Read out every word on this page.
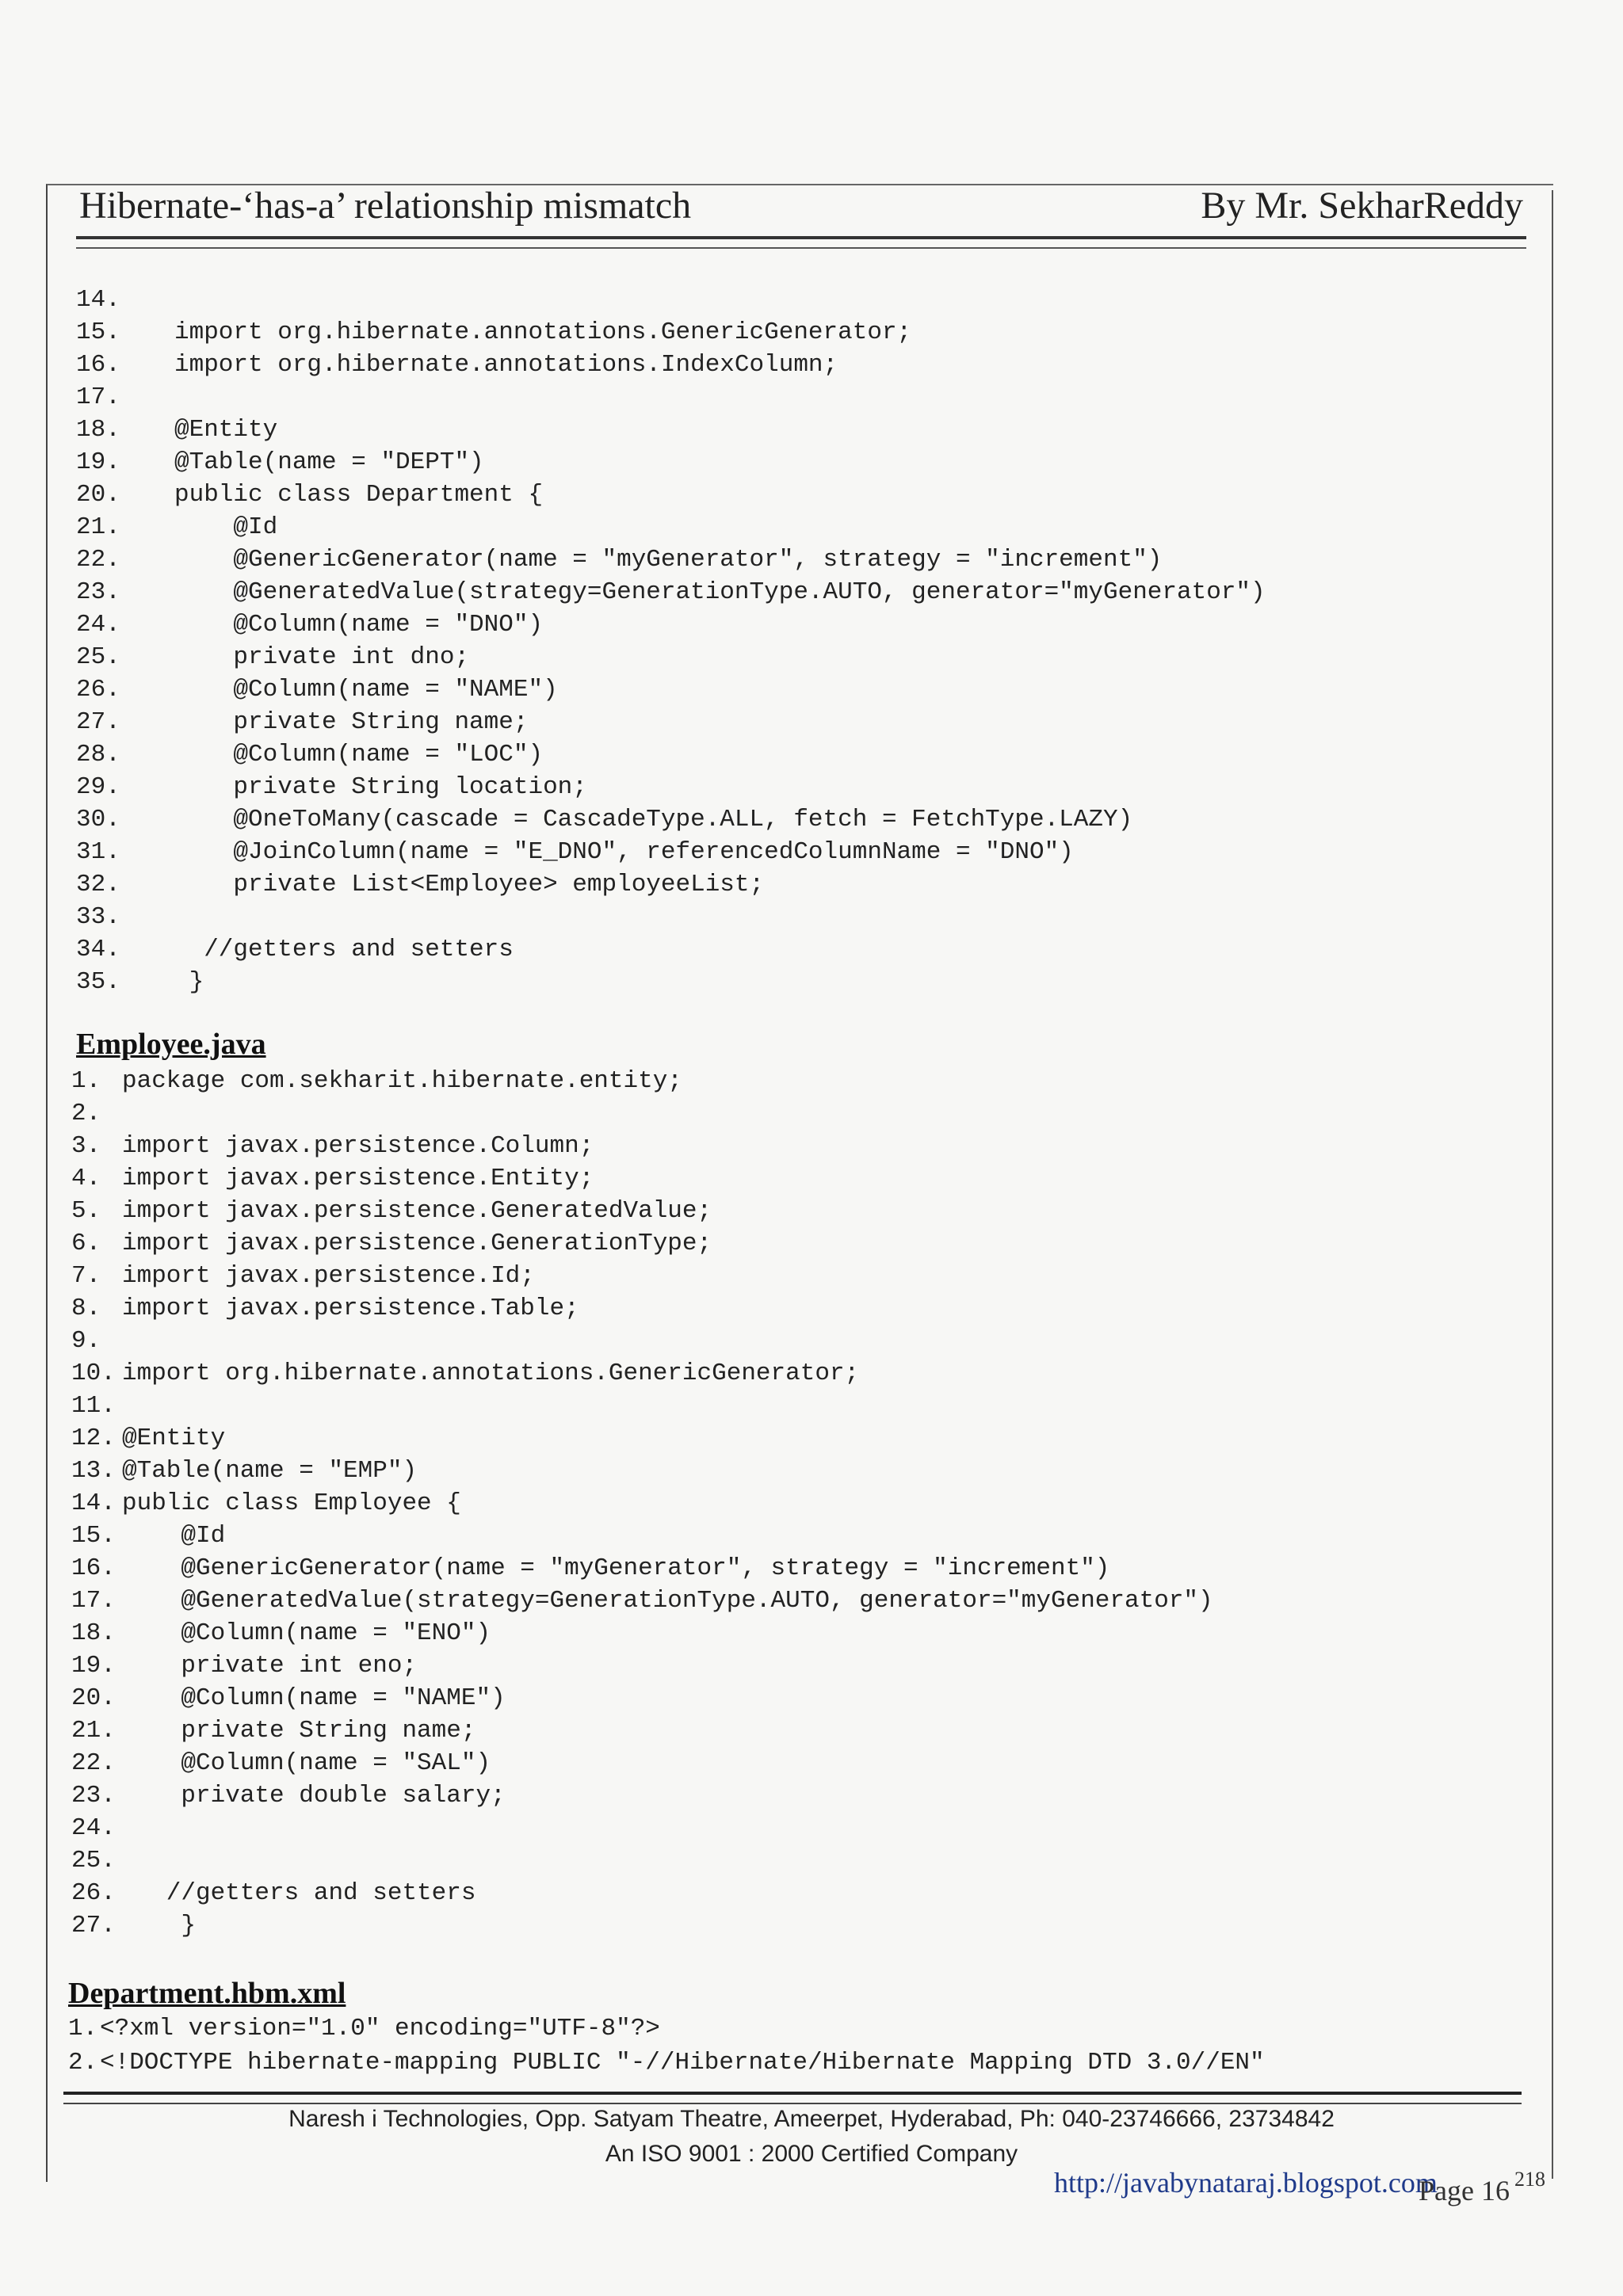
Hibernate-‘has-a’ relationship mismatch	By Mr. SekharReddy
14.
15. import org.hibernate.annotations.GenericGenerator;
16. import org.hibernate.annotations.IndexColumn;
17.
18. @Entity
19. @Table(name = "DEPT")
20. public class Department {
21.    @Id
22.    @GenericGenerator(name = "myGenerator", strategy = "increment")
23.    @GeneratedValue(strategy=GenerationType.AUTO, generator="myGenerator")
24.    @Column(name = "DNO")
25.    private int dno;
26.    @Column(name = "NAME")
27.    private String name;
28.    @Column(name = "LOC")
29.    private String location;
30.    @OneToMany(cascade = CascadeType.ALL, fetch = FetchType.LAZY)
31.    @JoinColumn(name = "E_DNO", referencedColumnName = "DNO")
32.    private List<Employee> employeeList;
33.
34.  //getters and setters
35. }
Employee.java
1. package com.sekharit.hibernate.entity;
2.
3. import javax.persistence.Column;
4. import javax.persistence.Entity;
5. import javax.persistence.GeneratedValue;
6. import javax.persistence.GenerationType;
7. import javax.persistence.Id;
8. import javax.persistence.Table;
9.
10. import org.hibernate.annotations.GenericGenerator;
11.
12. @Entity
13. @Table(name = "EMP")
14. public class Employee {
15.    @Id
16.    @GenericGenerator(name = "myGenerator", strategy = "increment")
17.    @GeneratedValue(strategy=GenerationType.AUTO, generator="myGenerator")
18.    @Column(name = "ENO")
19.    private int eno;
20.    @Column(name = "NAME")
21.    private String name;
22.    @Column(name = "SAL")
23.    private double salary;
24.
25.
26.   //getters and setters
27.    }
Department.hbm.xml
1.<?xml version="1.0" encoding="UTF-8"?>
2.<!DOCTYPE hibernate-mapping PUBLIC "-//Hibernate/Hibernate Mapping DTD 3.0//EN"
Naresh i Technologies, Opp. Satyam Theatre, Ameerpet, Hyderabad, Ph: 040-23746666, 23734842
An ISO 9001 : 2000 Certified Company
http://javabynataraj.blogspot.com
Page 16 $^{218}$
